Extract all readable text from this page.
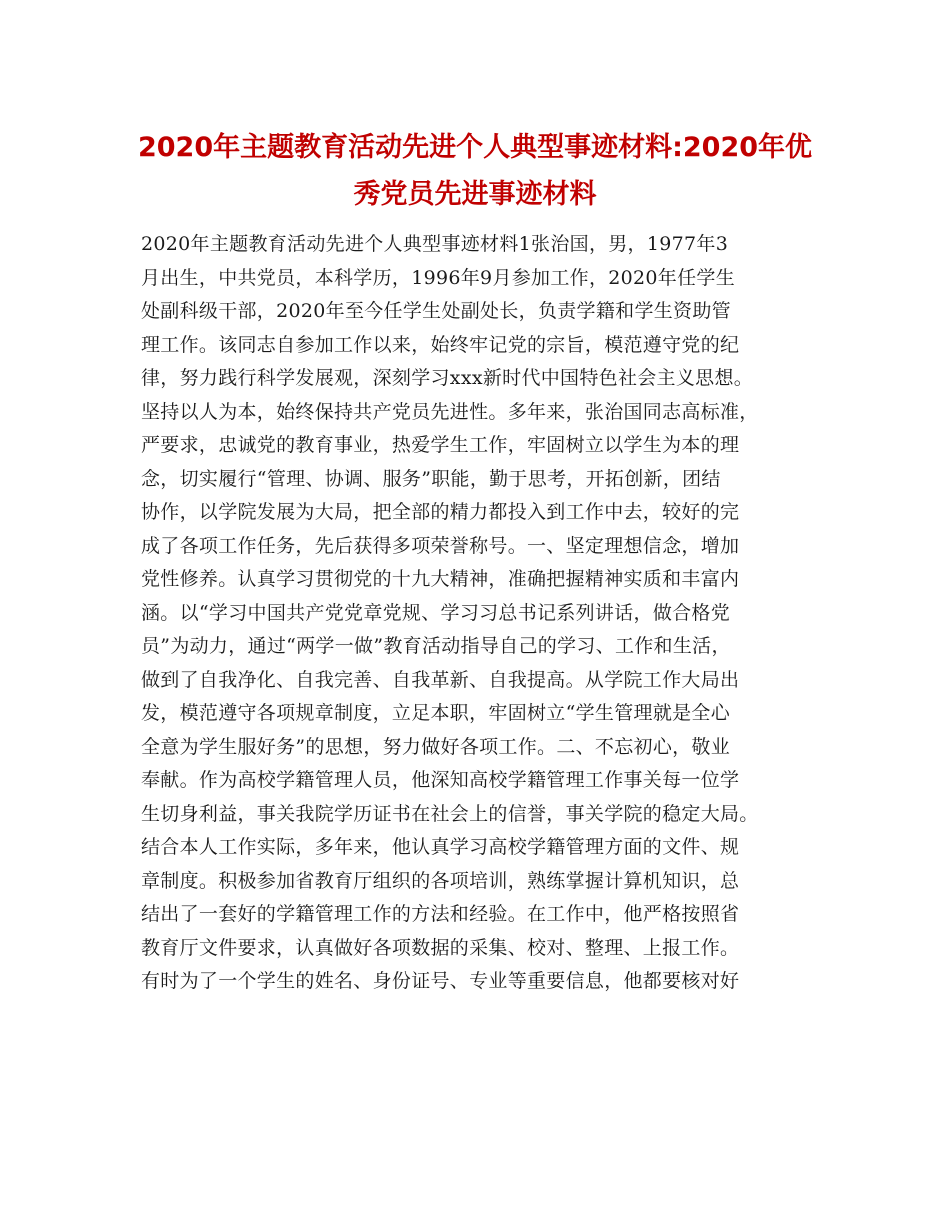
2020年主题教育活动先进个人典型事迹材料:2020年优
秀党员先进事迹材料
2020年主题教育活动先进个人典型事迹材料1张治国，男，1977年3
月出生，中共党员，本科学历，1996年9月参加工作，2020年任学生
处副科级干部，2020年至今任学生处副处长，负责学籍和学生资助管
理工作。该同志自参加工作以来，始终牢记党的宗旨，模范遵守党的纪
律，努力践行科学发展观，深刻学习xxx新时代中国特色社会主义思想。
坚持以人为本，始终保持共产党员先进性。多年来，张治国同志高标准，
严要求，忠诚党的教育事业，热爱学生工作，牢固树立以学生为本的理
念，切实履行“管理、协调、服务”职能，勤于思考，开拓创新，团结
协作，以学院发展为大局，把全部的精力都投入到工作中去，较好的完
成了各项工作任务，先后获得多项荣誉称号。一、坚定理想信念，增加
党性修养。认真学习贯彻党的十九大精神，准确把握精神实质和丰富内
涵。以“学习中国共产党党章党规、学习习总书记系列讲话，做合格党
员”为动力，通过“两学一做”教育活动指导自己的学习、工作和生活，
做到了自我净化、自我完善、自我革新、自我提高。从学院工作大局出
发，模范遵守各项规章制度，立足本职，牢固树立“学生管理就是全心
全意为学生服好务”的思想，努力做好各项工作。二、不忘初心，敬业
奉献。作为高校学籍管理人员，他深知高校学籍管理工作事关每一位学
生切身利益，事关我院学历证书在社会上的信誉，事关学院的稳定大局。
结合本人工作实际，多年来，他认真学习高校学籍管理方面的文件、规
章制度。积极参加省教育厅组织的各项培训，熟练掌握计算机知识，总
结出了一套好的学籍管理工作的方法和经验。在工作中，他严格按照省
教育厅文件要求，认真做好各项数据的采集、校对、整理、上报工作。
有时为了一个学生的姓名、身份证号、专业等重要信息，他都要核对好
